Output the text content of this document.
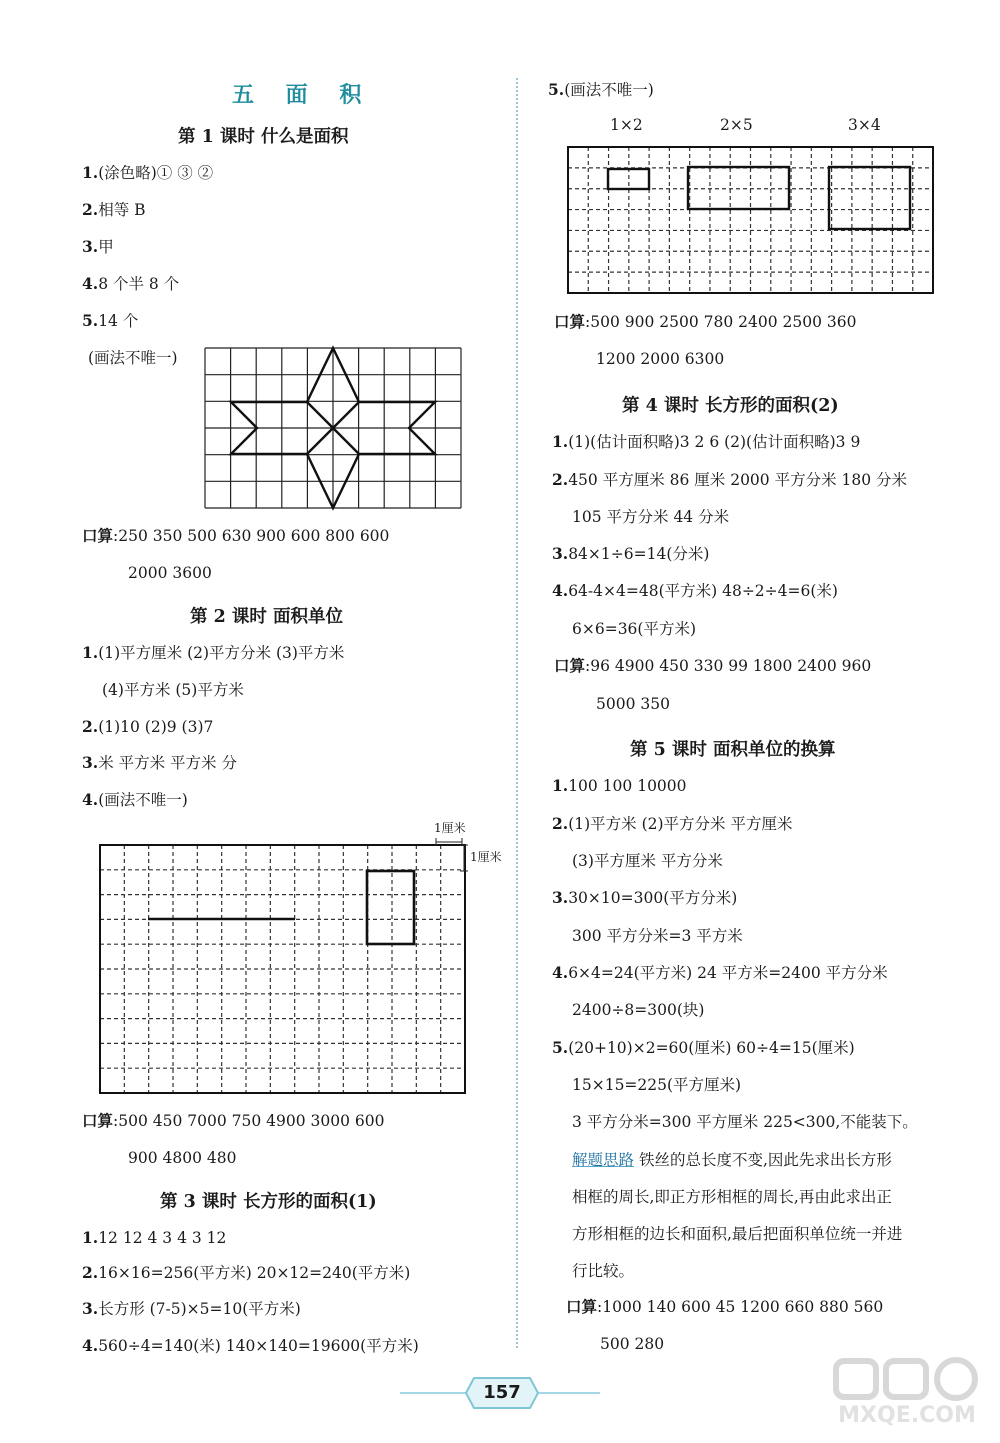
五 面 积
第 1 课时 什么是面积
1.(涂色略)① ③ ②
2.相等 B
3.甲
4.8 个半 8 个
5.14 个
(画法不唯一)
口算:250 350 500 630 900 600 800 600
2000 3600
第 2 课时 面积单位
1.(1)平方厘米 (2)平方分米 (3)平方米
(4)平方米 (5)平方米
2.(1)10 (2)9 (3)7
3.米 平方米 平方米 分
4.(画法不唯一)
1厘米
1厘米
口算:500 450 7000 750 4900 3000 600
900 4800 480
第 3 课时 长方形的面积(1)
1.12 12 4 3 4 3 12
2.16×16=256(平方米) 20×12=240(平方米)
3.长方形 (7-5)×5=10(平方米)
4.560÷4=140(米) 140×140=19600(平方米)
5.(画法不唯一)
1×2	2×5	3×4
口算:500 900 2500 780 2400 2500 360
1200 2000 6300
第 4 课时 长方形的面积(2)
1.(1)(估计面积略)3 2 6 (2)(估计面积略)3 9
2.450 平方厘米 86 厘米 2000 平方分米 180 分米
105 平方分米 44 分米
3.84×1÷6=14(分米)
4.64-4×4=48(平方米) 48÷2÷4=6(米)
6×6=36(平方米)
口算:96 4900 450 330 99 1800 2400 960
5000 350
第 5 课时 面积单位的换算
1.100 100 10000
2.(1)平方米 (2)平方分米 平方厘米
(3)平方厘米 平方分米
3.30×10=300(平方分米)
300 平方分米=3 平方米
4.6×4=24(平方米) 24 平方米=2400 平方分米
2400÷8=300(块)
5.(20+10)×2=60(厘米) 60÷4=15(厘米)
15×15=225(平方厘米)
3 平方分米=300 平方厘米 225<300,不能装下。
解题思路 铁丝的总长度不变,因此先求出长方形
相框的周长,即正方形相框的周长,再由此求出正
方形相框的边长和面积,最后把面积单位统一并进
行比较。
口算:1000 140 600 45 1200 660 880 560
500 280
157
MXQE.COM
